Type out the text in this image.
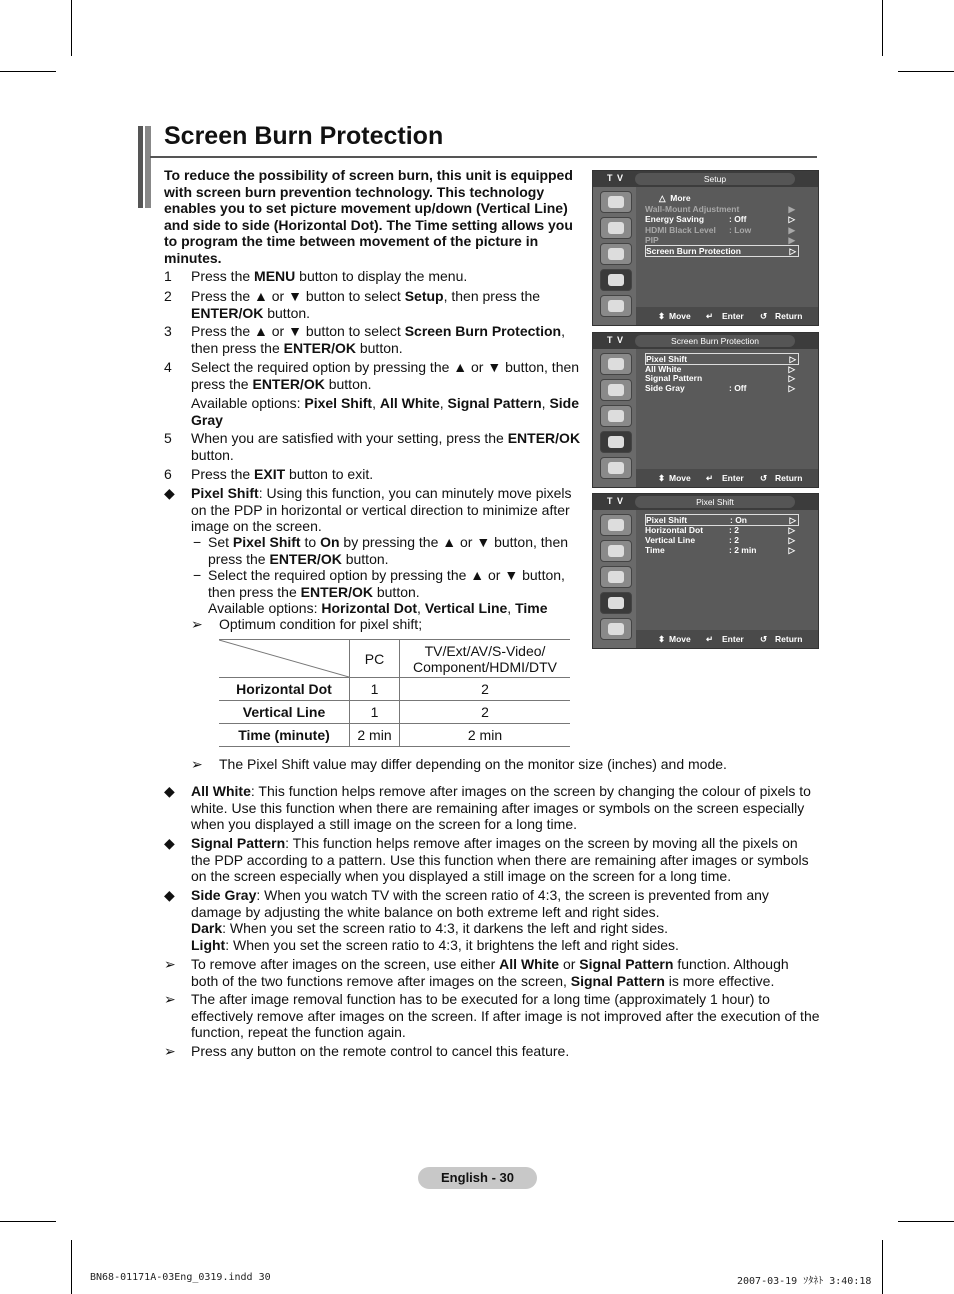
Screen Burn Protection
To reduce the possibility of screen burn, this unit is equipped with screen burn prevention technology. This technology enables you to set picture movement up/down (Vertical Line) and side to side (Horizontal Dot). The Time setting allows you to program the time between movement of the picture in minutes.
1 Press the MENU button to display the menu.
2 Press the ▲ or ▼ button to select Setup, then press the ENTER/OK button.
3 Press the ▲ or ▼ button to select Screen Burn Protection, then press the ENTER/OK button.
4 Select the required option by pressing the ▲ or ▼ button, then press the ENTER/OK button.
Available options: Pixel Shift, All White, Signal Pattern, Side Gray
5 When you are satisfied with your setting, press the ENTER/OK button.
6 Press the EXIT button to exit.
◆ Pixel Shift: Using this function, you can minutely move pixels on the PDP in horizontal or vertical direction to minimize after image on the screen.
− Set Pixel Shift to On by pressing the ▲ or ▼ button, then press the ENTER/OK button.
− Select the required option by pressing the ▲ or ▼ button, then press the ENTER/OK button.
Available options: Horizontal Dot, Vertical Line, Time
➢ Optimum condition for pixel shift;
	PC	TV/Ext/AV/S-Video/
Component/HDMI/DTV
Horizontal Dot	1	2
Vertical Line	1	2
Time (minute)	2 min	2 min
➢ The Pixel Shift value may differ depending on the monitor size (inches) and mode.
◆ All White: This function helps remove after images on the screen by changing the colour of pixels to white. Use this function when there are remaining after images or symbols on the screen especially when you displayed a still image on the screen for a long time.
◆ Signal Pattern: This function helps remove after images on the screen by moving all the pixels on the PDP according to a pattern. Use this function when there are remaining after images or symbols on the screen especially when you displayed a still image on the screen for a long time.
◆ Side Gray: When you watch TV with the screen ratio of 4:3, the screen is prevented from any damage by adjusting the white balance on both extreme left and right sides.
Dark: When you set the screen ratio to 4:3, it darkens the left and right sides.
Light: When you set the screen ratio to 4:3, it brightens the left and right sides.
➢ To remove after images on the screen, use either All White or Signal Pattern function. Although both of the two functions remove after images on the screen, Signal Pattern is more effective.
➢ The after image removal function has to be executed for a long time (approximately 1 hour) to effectively remove after images on the screen. If after image is not improved after the execution of the function, repeat the function again.
➢ Press any button on the remote control to cancel this feature.
T V	Setup
△  More
Wall-Mount Adjustment	▶
Energy Saving	: Off	▷
HDMI Black Level : Low	▶
PIP	▶
Screen Burn Protection	▷
⬍ Move ↵ Enter ↺ Return
T V	Screen Burn Protection
Pixel Shift	▷
All White	▷
Signal Pattern	▷
Side Gray	: Off	▷
⬍ Move ↵ Enter ↺ Return
T V	Pixel Shift
Pixel Shift	: On	▷
Horizontal Dot	: 2	▷
Vertical Line	: 2	▷
Time	: 2 min	▷
⬍ Move ↵ Enter ↺ Return
English - 30
BN68-01171A-03Eng_0319.indd 30	2007-03-19 ｿﾀﾈﾄ 3:40:18
